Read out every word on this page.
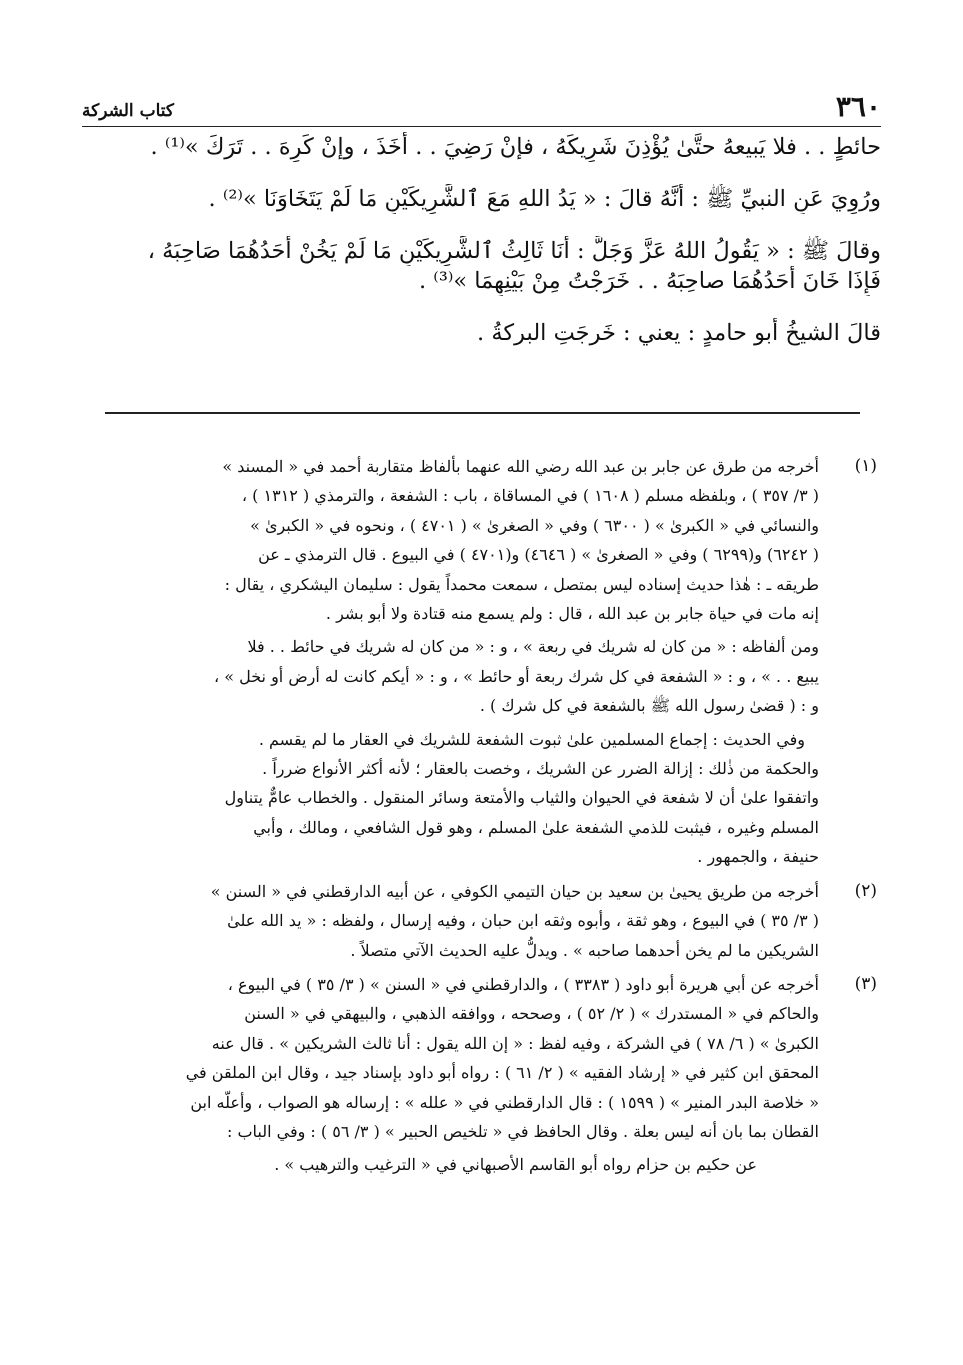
٣٦٠
كتاب الشركة

حائطٍ . . فلا يَبيعهُ حتَّىٰ يُؤْذِنَ شَرِيكَهُ ، فإنْ رَضِيَ . . أَخَذَ ، وإنْ كَرِهَ . . تَرَكَ »⁽¹⁾ .

ورُوِيَ عَنِ النبيِّ ﷺ : أَنَّهُ قالَ : « يَدُ اللهِ مَعَ ٱلشَّرِيكَيْنِ مَا لَمْ يَتَخَاوَنَا »⁽²⁾ .

وقالَ ﷺ : « يَقُولُ اللهُ عَزَّ وَجَلَّ : أَنَا ثَالِثُ ٱلشَّرِيكَيْنِ مَا لَمْ يَخُنْ أَحَدُهُمَا صَاحِبَهُ ،

فَإِذَا خَانَ أَحَدُهُمَا صاحِبَهُ . . خَرَجْتُ مِنْ بَيْنِهِمَا »⁽³⁾ .

قالَ الشيخُ أبو حامدٍ : يعني : خَرجَتِ البركةُ .

(١)

أخرجه من طرق عن جابر بن عبد الله رضي الله عنهما بألفاظ متقاربة أحمد في « المسند »

( ٣/ ٣٥٧ ) ، وبلفظه مسلم ( ١٦٠٨ ) في المساقاة ، باب : الشفعة ، والترمذي ( ١٣١٢ ) ،

والنسائي في « الكبرىٰ » ( ٦٣٠٠ ) وفي « الصغرىٰ » ( ٤٧٠١ ) ، ونحوه في « الكبرىٰ »

( ٦٢٤٢) و(٦٢٩٩ ) وفي « الصغرىٰ » ( ٤٦٤٦) و(٤٧٠١ ) في البيوع . قال الترمذي ـ عن

طريقه ـ : هٰذا حديث إسناده ليس بمتصل ، سمعت محمداً يقول : سليمان اليشكري ، يقال :

إنه مات في حياة جابر بن عبد الله ، قال : ولم يسمع منه قتادة ولا أبو بشر .

ومن ألفاظه : « من كان له شريك في ربعة » ، و : « من كان له شريك في حائط . . فلا

يبيع . . » ، و : « الشفعة في كل شرك ربعة أو حائط » ، و : « أيكم كانت له أرض أو نخل » ،

و : ( قضىٰ رسول الله ﷺ بالشفعة في كل شرك ) .

وفي الحديث : إجماع المسلمين علىٰ ثبوت الشفعة للشريك في العقار ما لم يقسم .

والحكمة من ذٰلك : إزالة الضرر عن الشريك ، وخصت بالعقار ؛ لأنه أكثر الأنواع ضرراً .

واتفقوا علىٰ أن لا شفعة في الحيوان والثياب والأمتعة وسائر المنقول . والخطاب عامٌّ يتناول

المسلم وغيره ، فيثبت للذمي الشفعة علىٰ المسلم ، وهو قول الشافعي ، ومالك ، وأبي

حنيفة ، والجمهور .

(٢)

أخرجه من طريق يحيىٰ بن سعيد بن حيان التيمي الكوفي ، عن أبيه الدارقطني في « السنن »

( ٣/ ٣٥ ) في البيوع ، وهو ثقة ، وأبوه وثقه ابن حبان ، وفيه إرسال ، ولفظه : « يد الله علىٰ

الشريكين ما لم يخن أحدهما صاحبه » . ويدلُّ عليه الحديث الآتي متصلاً .

(٣)

أخرجه عن أبي هريرة أبو داود ( ٣٣٨٣ ) ، والدارقطني في « السنن » ( ٣/ ٣٥ ) في البيوع ،

والحاكم في « المستدرك » ( ٢/ ٥٢ ) ، وصححه ، ووافقه الذهبي ، والبيهقي في « السنن

الكبرىٰ » ( ٦/ ٧٨ ) في الشركة ، وفيه لفظ : « إن الله يقول : أنا ثالث الشريكين » . قال عنه

المحقق ابن كثير في « إرشاد الفقيه » ( ٢/ ٦١ ) : رواه أبو داود بإسناد جيد ، وقال ابن الملقن في

« خلاصة البدر المنير » ( ١٥٩٩ ) : قال الدارقطني في « علله » : إرساله هو الصواب ، وأعلّه ابن

القطان بما بان أنه ليس بعلة . وقال الحافظ في « تلخيص الحبير » ( ٣/ ٥٦ ) : وفي الباب :

عن حكيم بن حزام رواه أبو القاسم الأصبهاني في « الترغيب والترهيب » .
